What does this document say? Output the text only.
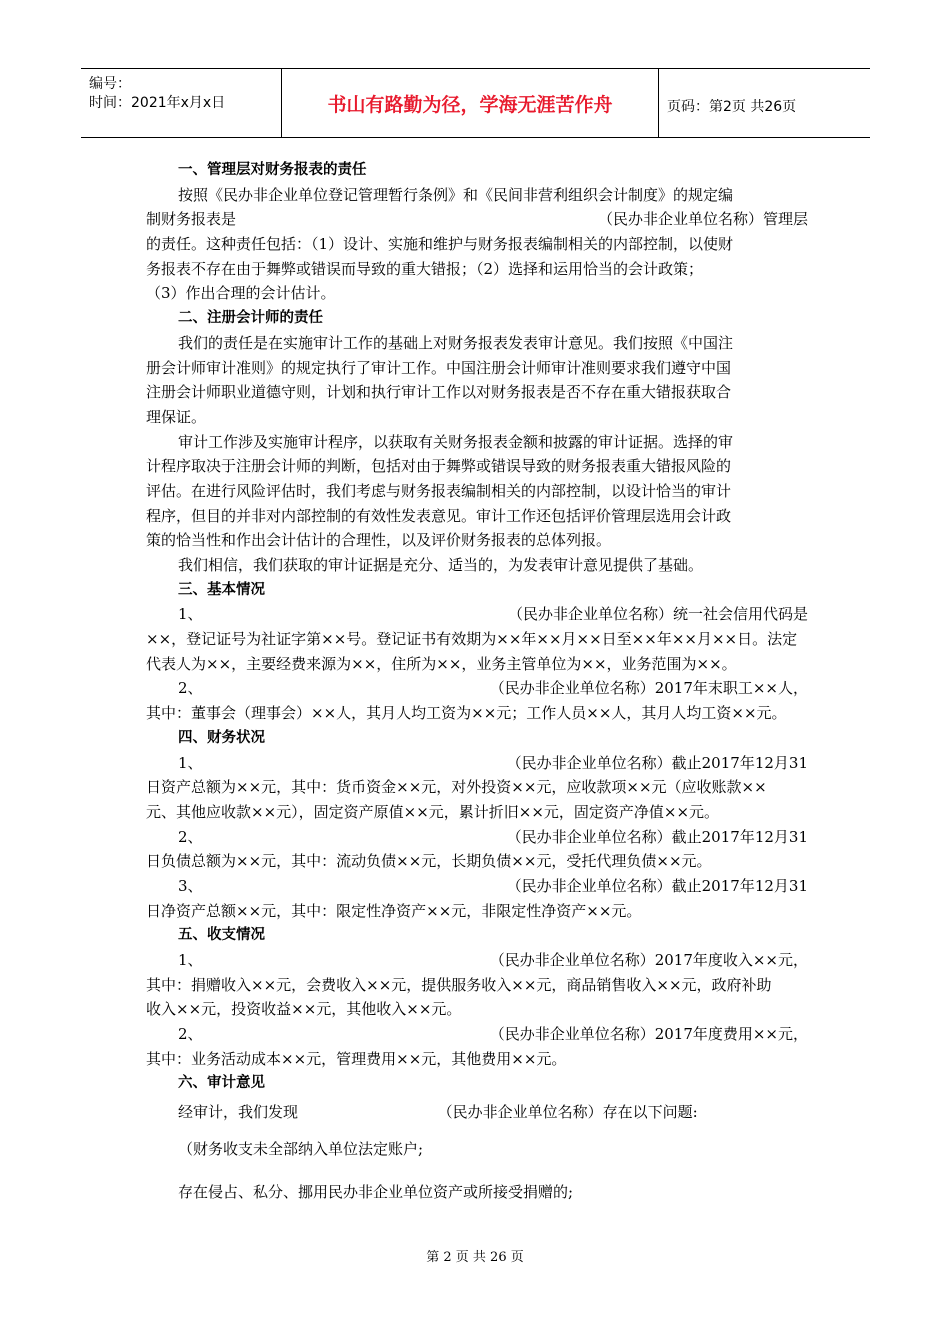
编号：
时间：2021年x月x日	书山有路勤为径，学海无涯苦作舟	页码：第2页 共26页
一、管理层对财务报表的责任
按照《民办非企业单位登记管理暂行条例》和《民间非营利组织会计制度》的规定编
制财务报表是	（民办非企业单位名称）管理层
的责任。这种责任包括：（1）设计、实施和维护与财务报表编制相关的内部控制，以使财
务报表不存在由于舞弊或错误而导致的重大错报；（2）选择和运用恰当的会计政策；
（3）作出合理的会计估计。
二、注册会计师的责任
我们的责任是在实施审计工作的基础上对财务报表发表审计意见。我们按照《中国注
册会计师审计准则》的规定执行了审计工作。中国注册会计师审计准则要求我们遵守中国
注册会计师职业道德守则，计划和执行审计工作以对财务报表是否不存在重大错报获取合
理保证。
审计工作涉及实施审计程序，以获取有关财务报表金额和披露的审计证据。选择的审
计程序取决于注册会计师的判断，包括对由于舞弊或错误导致的财务报表重大错报风险的
评估。在进行风险评估时，我们考虑与财务报表编制相关的内部控制，以设计恰当的审计
程序，但目的并非对内部控制的有效性发表意见。审计工作还包括评价管理层选用会计政
策的恰当性和作出会计估计的合理性，以及评价财务报表的总体列报。
我们相信，我们获取的审计证据是充分、适当的，为发表审计意见提供了基础。
三、基本情况
1、	（民办非企业单位名称）统一社会信用代码是
××，登记证号为社证字第××号。登记证书有效期为××年××月××日至××年××月××日。法定
代表人为××，主要经费来源为××，住所为××，业务主管单位为××，业务范围为××。
2、	（民办非企业单位名称）2017年末职工××人，
其中：董事会（理事会）××人，其月人均工资为××元；工作人员××人，其月人均工资××元。
四、财务状况
1、	（民办非企业单位名称）截止2017年12月31
日资产总额为××元，其中：货币资金××元，对外投资××元，应收款项××元（应收账款××
元、其他应收款××元），固定资产原值××元，累计折旧××元，固定资产净值××元。
2、	（民办非企业单位名称）截止2017年12月31
日负债总额为××元，其中：流动负债××元，长期负债××元，受托代理负债××元。
3、	（民办非企业单位名称）截止2017年12月31
日净资产总额××元，其中：限定性净资产××元，非限定性净资产××元。
五、收支情况
1、	（民办非企业单位名称）2017年度收入××元，
其中：捐赠收入××元，会费收入××元，提供服务收入××元，商品销售收入××元，政府补助
收入××元，投资收益××元，其他收入××元。
2、	（民办非企业单位名称）2017年度费用××元，
其中：业务活动成本××元，管理费用××元，其他费用××元。
六、审计意见
经审计，我们发现	（民办非企业单位名称）存在以下问题:
（财务收支未全部纳入单位法定账户;
存在侵占、私分、挪用民办非企业单位资产或所接受捐赠的;
第 2 页 共 26 页
